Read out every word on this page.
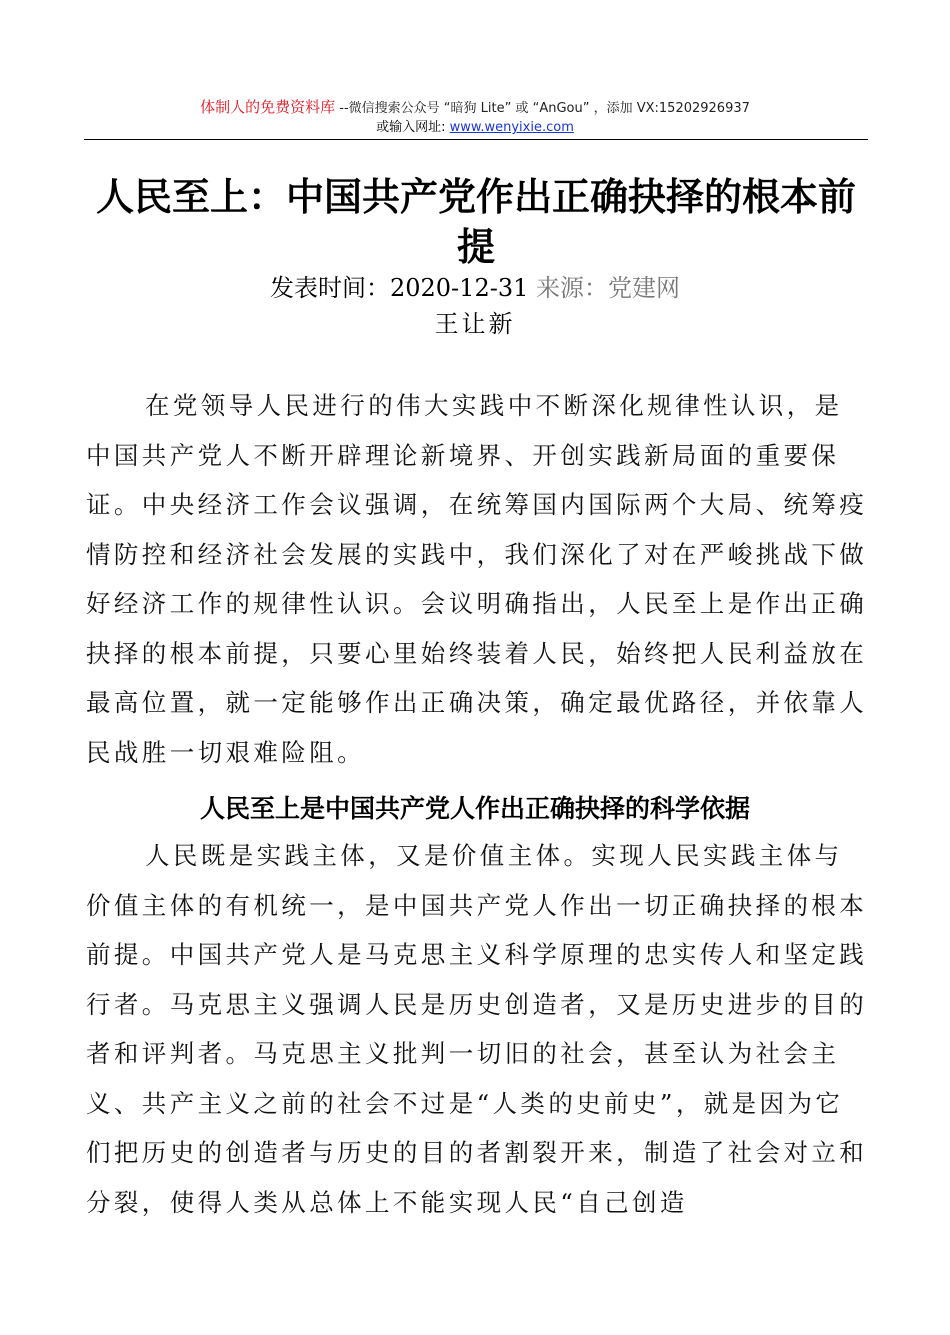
体制人的免费资料库 --微信搜索公众号 “暗狗 Lite” 或 “AnGou” ，添加 VX:15202926937
或输入网址: www.wenyixie.com
人民至上：中国共产党作出正确抉择的根本前提
发表时间：2020-12-31 来源：党建网
王让新

在党领导人民进行的伟大实践中不断深化规律性认识，是中国共产党人不断开辟理论新境界、开创实践新局面的重要保证。中央经济工作会议强调，在统筹国内国际两个大局、统筹疫情防控和经济社会发展的实践中，我们深化了对在严峻挑战下做好经济工作的规律性认识。会议明确指出，人民至上是作出正确抉择的根本前提，只要心里始终装着人民，始终把人民利益放在最高位置，就一定能够作出正确决策，确定最优路径，并依靠人民战胜一切艰难险阻。

人民至上是中国共产党人作出正确抉择的科学依据

人民既是实践主体，又是价值主体。实现人民实践主体与价值主体的有机统一，是中国共产党人作出一切正确抉择的根本前提。中国共产党人是马克思主义科学原理的忠实传人和坚定践行者。马克思主义强调人民是历史创造者，又是历史进步的目的者和评判者。马克思主义批判一切旧的社会，甚至认为社会主义、共产主义之前的社会不过是“人类的史前史”，就是因为它们把历史的创造者与历史的目的者割裂开来，制造了社会对立和分裂，使得人类从总体上不能实现人民“自己创造
